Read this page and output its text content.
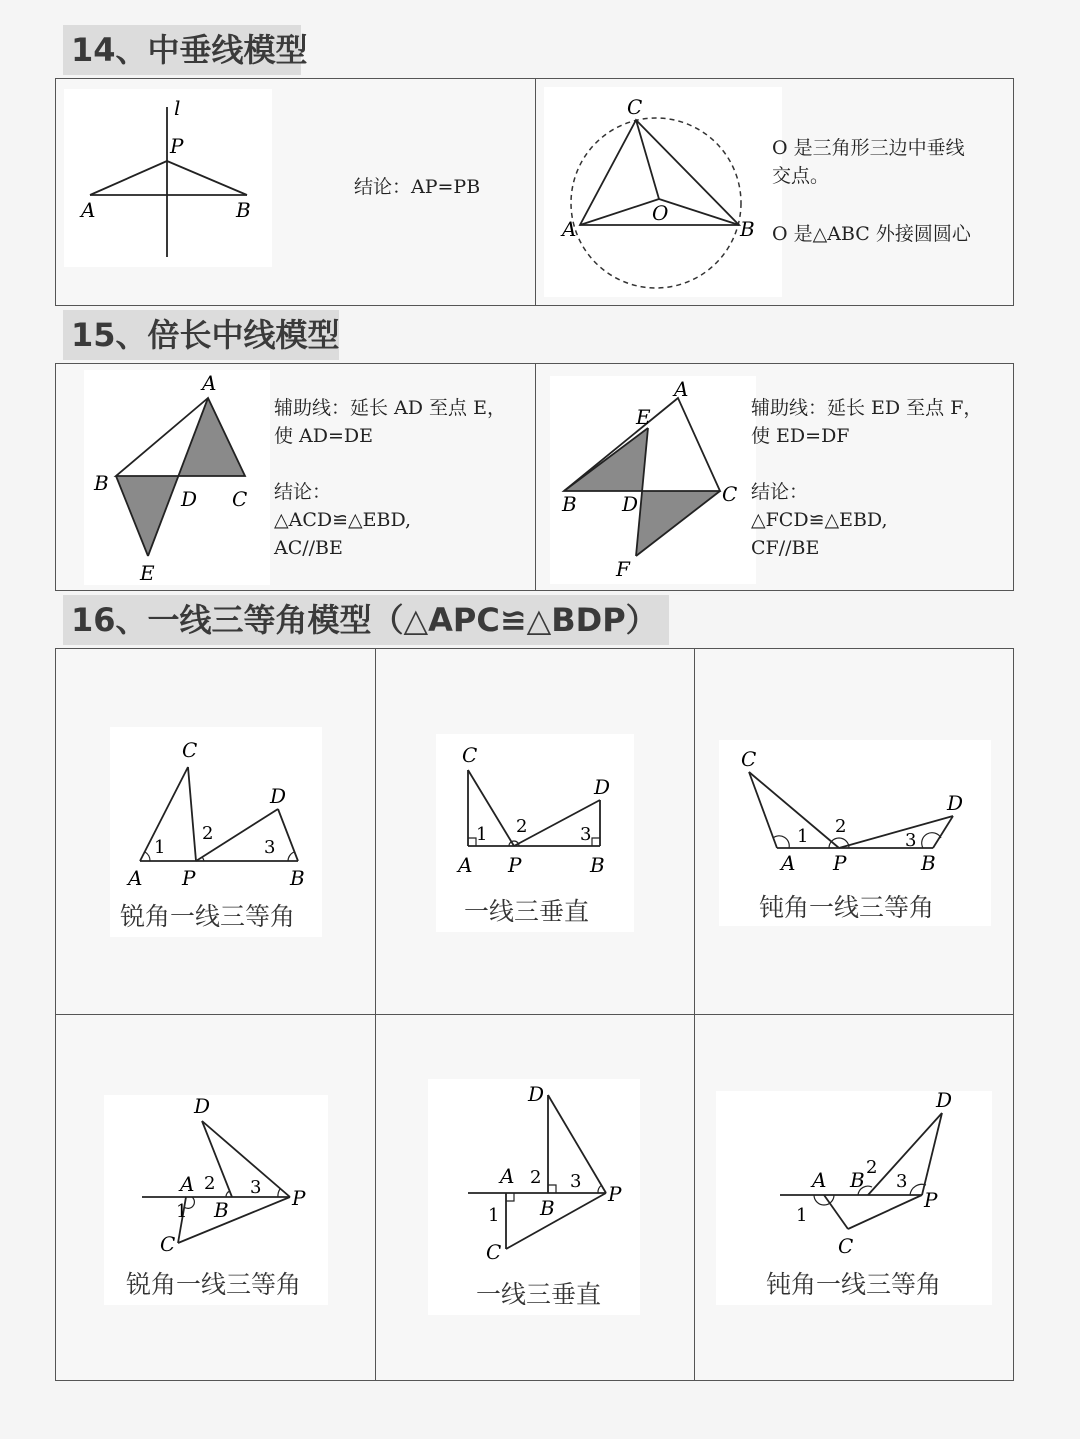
14、中垂线模型
l
P
A	B
结论：AP=PB
C
A	B
O
O 是三角形三边中垂线
交点。
O 是△ABC 外接圆圆心
15、倍长中线模型
A
B
C
D
E
辅助线：延长 AD 至点 E，
使 AD=DE
结论：
△ACD≌△EBD,
AC//BE
A
E
B D	C
F
辅助线：延长 ED 至点 F，
使 ED=DF
结论：
△FCD≌△EBD,
CF//BE
16、一线三等角模型（△APC≌△BDP）
C
D
A P	B
1
2
3
锐角一线三等角
C
D
A P	B
1 2	3
一线三垂直
C
D
A P	B
1 2
3
钝角一线三等角
D
A
B
C
P
1
2 3
锐角一线三等角
D
A
B
C
P
1
2 3
一线三垂直
D
A B
C
P
1
2
3
钝角一线三等角
